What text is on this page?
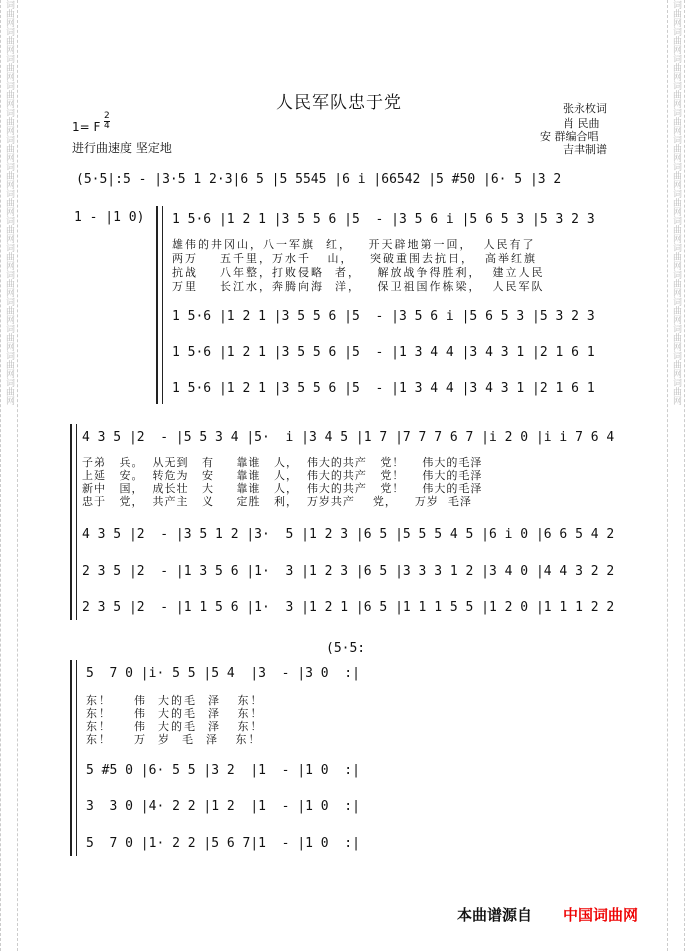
词
曲
网
词
曲
网
词
曲
网
词
曲
网
词
曲
网
词
曲
网
词
曲
网
词
曲
网
词
曲
网
词
曲
网
词
曲
网
词
曲
网
词
曲
网
词
曲
网
词
曲
网
词
曲
网
词
曲
网
词
曲
网
词
曲
网
词
曲
网
词
曲
网
词
曲
网
词
曲
网
词
曲
网
词
曲
网
词
曲
网
词
曲
网
词
曲
网
词
曲
网
词
曲
网
人民军队忠于党
1= F $\frac{2}{4}$
进行曲速度 坚定地
张永枚词
肖 民曲
安 群编合唱
吉聿制谱
(5·5|:5 - |3·5 1 2·3|6 5 |5 5545 |6 i |66542 |5 #50 |6· 5 |3 2
1 - |1 0) 1 5·6 |1 2 1 |3 5 5 6 |5  - |3 5 6 i |5 6 5 3 |5 3 2 3
雄伟的井冈山，八一军旗  红，   开天辟地第一回，  人民有了
两万    五千里，万水千   山，   突破重围去抗日，  高举红旗
抗战    八年整，打败侵略  者，   解放战争得胜利，  建立人民
万里    长江水，奔腾向海  洋，   保卫祖国作栋梁，  人民军队
1 5·6 |1 2 1 |3 5 5 6 |5  - |3 5 6 i |5 6 5 3 |5 3 2 3
1 5·6 |1 2 1 |3 5 5 6 |5  - |1 3 4 4 |3 4 3 1 |2 1 6 1
1 5·6 |1 2 1 |3 5 5 6 |5  - |1 3 4 4 |3 4 3 1 |2 1 6 1
4 3 5 |2  - |5 5 3 4 |5·  i |3 4 5 |1 7 |7 7 7 6 7 |i 2 0 |i i 7 6 4
子弟   兵。  从无到   有     靠谁   人，  伟大的共产   党！    伟大的毛泽
上延   安。  转危为   安     靠谁   人，  伟大的共产   党！    伟大的毛泽
新中   国，  成长壮   大     靠谁   人，  伟大的共产   党！    伟大的毛泽
忠于   党，  共产主   义     定胜   利，  万岁共产    党，    万岁  毛泽
4 3 5 |2  - |3 5 1 2 |3·  5 |1 2 3 |6 5 |5 5 5 4 5 |6 i 0 |6 6 5 4 2
2 3 5 |2  - |1 3 5 6 |1·  3 |1 2 3 |6 5 |3 3 3 1 2 |3 4 0 |4 4 3 2 2
2 3 5 |2  - |1 1 5 6 |1·  3 |1 2 1 |6 5 |1 1 1 5 5 |1 2 0 |1 1 1 2 2
(5·5:
5  7 0 |i· 5 5 |5 4  |3  - |3 0  :|
东！    伟  大的毛  泽   东！
东！    伟  大的毛  泽   东！
东！    伟  大的毛  泽   东！
东！    万  岁  毛  泽   东！
5 #5 0 |6· 5 5 |3 2  |1  - |1 0  :|
3  3 0 |4· 2 2 |1 2  |1  - |1 0  :|
5  7 0 |1· 2 2 |5 6 7|1  - |1 0  :|
本曲谱源自 中国词曲网
